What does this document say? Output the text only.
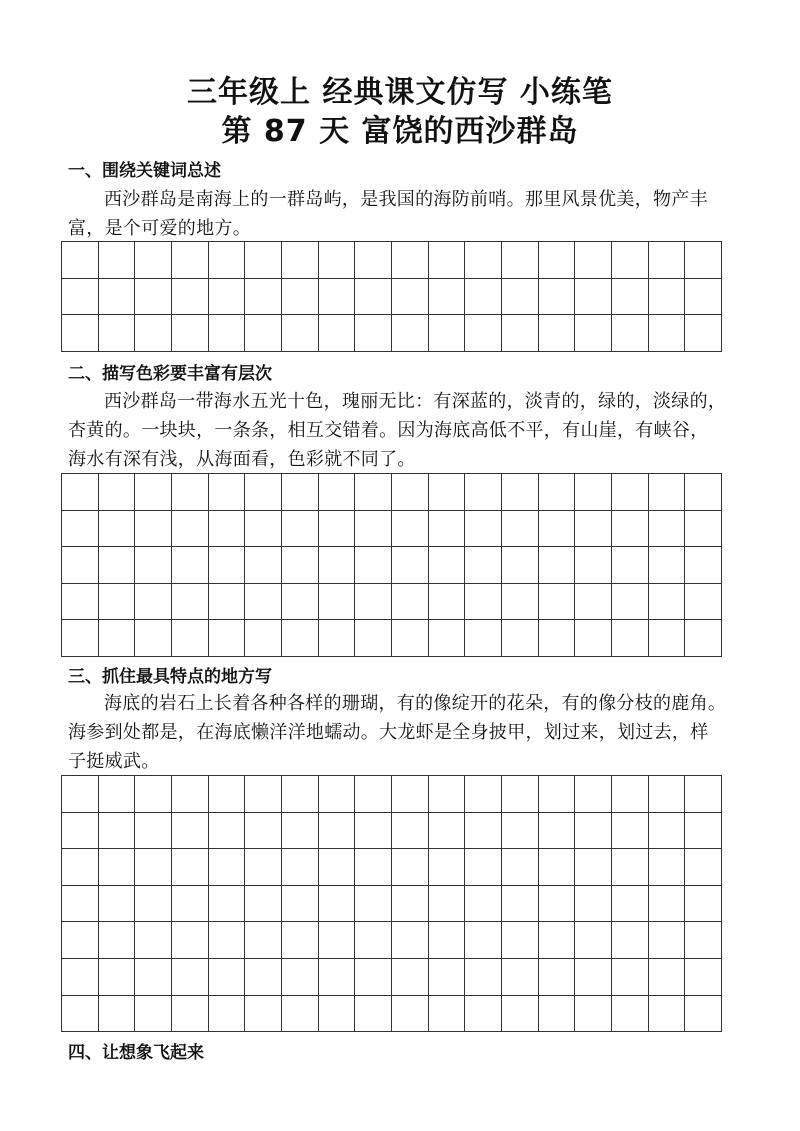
三年级上 经典课文仿写 小练笔
第 87 天 富饶的西沙群岛
一、围绕关键词总述
西沙群岛是南海上的一群岛屿，是我国的海防前哨。那里风景优美，物产丰
富，是个可爱的地方。
二、描写色彩要丰富有层次
西沙群岛一带海水五光十色，瑰丽无比：有深蓝的，淡青的，绿的，淡绿的，
杏黄的。一块块，一条条，相互交错着。因为海底高低不平，有山崖，有峡谷，
海水有深有浅，从海面看，色彩就不同了。
三、抓住最具特点的地方写
海底的岩石上长着各种各样的珊瑚，有的像绽开的花朵，有的像分枝的鹿角。
海参到处都是，在海底懒洋洋地蠕动。大龙虾是全身披甲，划过来，划过去，样
子挺威武。
四、让想象飞起来
